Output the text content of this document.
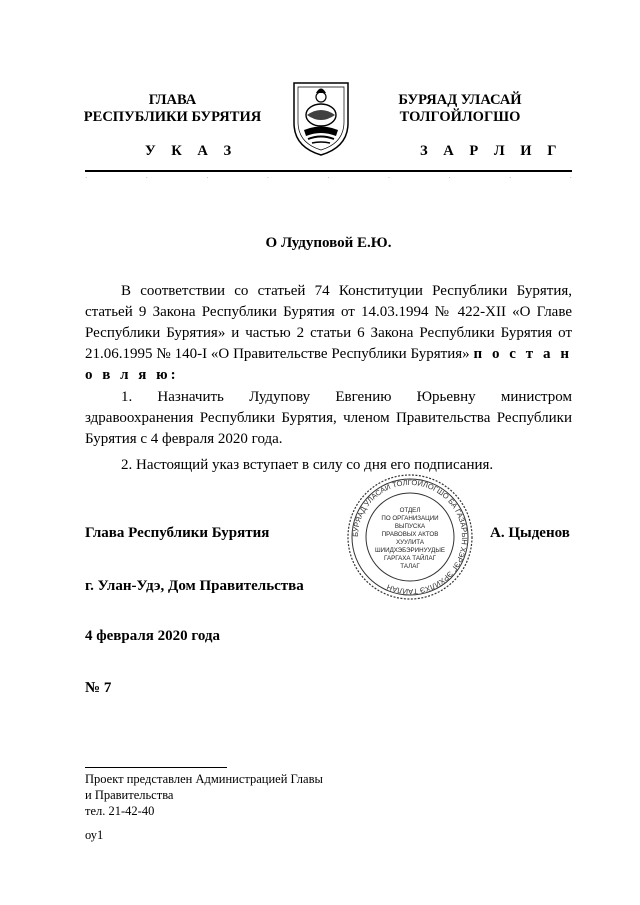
ГЛАВА
РЕСПУБЛИКИ БУРЯТИЯ
У К А З
БУРЯАД УЛАСАЙ
ТОЛГОЙЛОГШО
З А Р Л И Г
·	·	·	·	·	·	·	·	·
О Лудуповой Е.Ю.
В соответствии со статьей 74 Конституции Республики Бурятия, статьей 9 Закона Республики Бурятия от 14.03.1994 № 422-XII «О Главе Республики Бурятия» и частью 2 статьи 6 Закона Республики Бурятия от 21.06.1995 № 140-I «О Правительстве Республики Бурятия» п о с т а н о в л я ю:
1. Назначить Лудупову Евгению Юрьевну министром здравоохранения Республики Бурятия, членом Правительства Республики Бурятия с 4 февраля 2020 года.
2. Настоящий указ вступает в силу со дня его подписания.
Глава Республики Бурятия	А. Цыденов
БУРЯАД УЛАСАЙ ТОЛГОЙЛОГШО БА ГАЗАРЫН ХЭРЭГ ЭРХИЛХЭ ТАЙЛАН
ОТДЕЛ
ПО ОРГАНИЗАЦИИ
ВЫПУСКА
ПРАВОВЫХ АКТОВ
ХУУЛИТА
ШИИДХЭБЭРИНУУДЫЕ
ГАРГАХА ТАЙЛАГ
ТАЛАГ
г. Улан-Удэ, Дом Правительства
4 февраля 2020 года
№ 7
Проект представлен Администрацией Главы
и Правительства
тел. 21-42-40
оу1
